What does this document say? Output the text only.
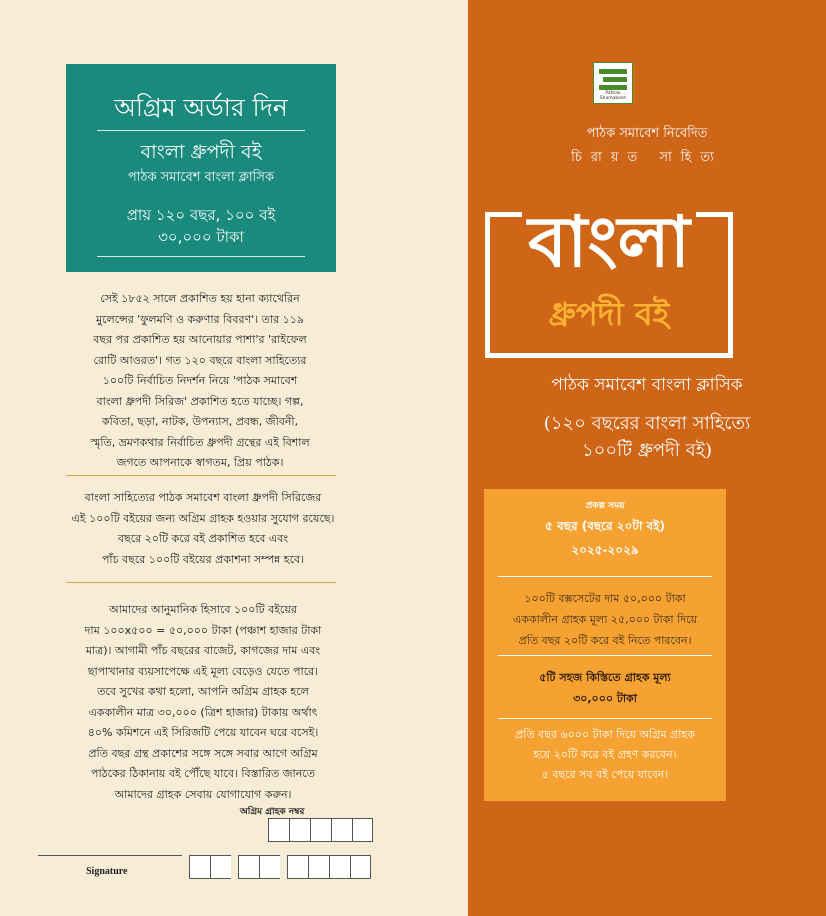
অগ্রিম অর্ডার দিন
বাংলা ধ্রুপদী বই
পাঠক সমাবেশ বাংলা ক্লাসিক
প্রায় ১২০ বছর, ১০০ বই
৩০,০০০ টাকা
সেই ১৮৫২ সালে প্রকাশিত হয় হানা ক্যাথেরিন
মুলেন্সের 'ফুলমণি ও করুণার বিবরণ'। তার ১১৯
বছর পর প্রকাশিত হয় আনোয়ার পাশা'র 'রাইফেল
রোটি আওরত'। গত ১২০ বছরে বাংলা সাহিত্যের
১০০টি নির্বাচিত নিদর্শন নিয়ে 'পাঠক সমাবেশ
বাংলা ধ্রুপদী সিরিজ' প্রকাশিত হতে যাচ্ছে। গল্প,
কবিতা, ছড়া, নাটক, উপন্যাস, প্রবন্ধ, জীবনী,
স্মৃতি, ভ্রমণকথার নির্বাচিত ধ্রুপদী গ্রন্থের এই বিশাল
জগতে আপনাকে স্বাগতম, প্রিয় পাঠক।
বাংলা সাহিত্যের পাঠক সমাবেশ বাংলা ধ্রুপদী সিরিজের
এই ১০০টি বইয়ের জন্য অগ্রিম গ্রাহক হওয়ার সুযোগ রয়েছে।
বছরে ২০টি করে বই প্রকাশিত হবে এবং
পাঁচ বছরে ১০০টি বইয়ের প্রকাশনা সম্পন্ন হবে।
আমাদের আনুমানিক হিসাবে ১০০টি বইয়ের
দাম ১০০x৫০০ = ৫০,০০০ টাকা (পঞ্চাশ হাজার টাকা
মাত্র)। আগামী পাঁচ বছরের বাজেট, কাগজের দাম এবং
ছাপাখানার ব্যয়সাপেক্ষে এই মূল্য বেড়েও যেতে পারে।
তবে সুখের কথা হলো, আপনি অগ্রিম গ্রাহক হলে
এককালীন মাত্র ৩০,০০০ (ত্রিশ হাজার) টাকায় অর্থাৎ
৪০% কমিশনে এই সিরিজটি পেয়ে যাবেন ঘরে বসেই।
প্রতি বছর গ্রন্থ প্রকাশের সঙ্গে সঙ্গে সবার আগে অগ্রিম
পাঠকের ঠিকানায় বই পৌঁছে যাবে। বিস্তারিত জানতে
আমাদের গ্রাহক সেবায় যোগাযোগ করুন।
অগ্রিম গ্রাহক নম্বর
Signature
Pathak Shamabesh
পাঠক সমাবেশ নিবেদিত
চিরায়ত সাহিত্য
বাংলা
ধ্রুপদী বই
পাঠক সমাবেশ বাংলা ক্লাসিক
(১২০ বছরের বাংলা সাহিত্যে
১০০টি ধ্রুপদী বই)
প্রকল্প সময়
৫ বছর (বছরে ২০টা বই)
২০২৫-২০২৯
১০০টি বক্সসেটের দাম ৫০,০০০ টাকা
এককালীন গ্রাহক মূল্য ২৫,০০০ টাকা দিয়ে
প্রতি বছর ২০টি করে বই নিতে পারবেন।
৫টি সহজ কিস্তিতে গ্রাহক মূল্য
৩০,০০০ টাকা
প্রতি বছর ৬০০০ টাকা দিয়ে অগ্রিম গ্রাহক
হয়ে ২০টি করে বই গ্রহণ করবেন।
৫ বছরে সব বই পেয়ে যাবেন।
